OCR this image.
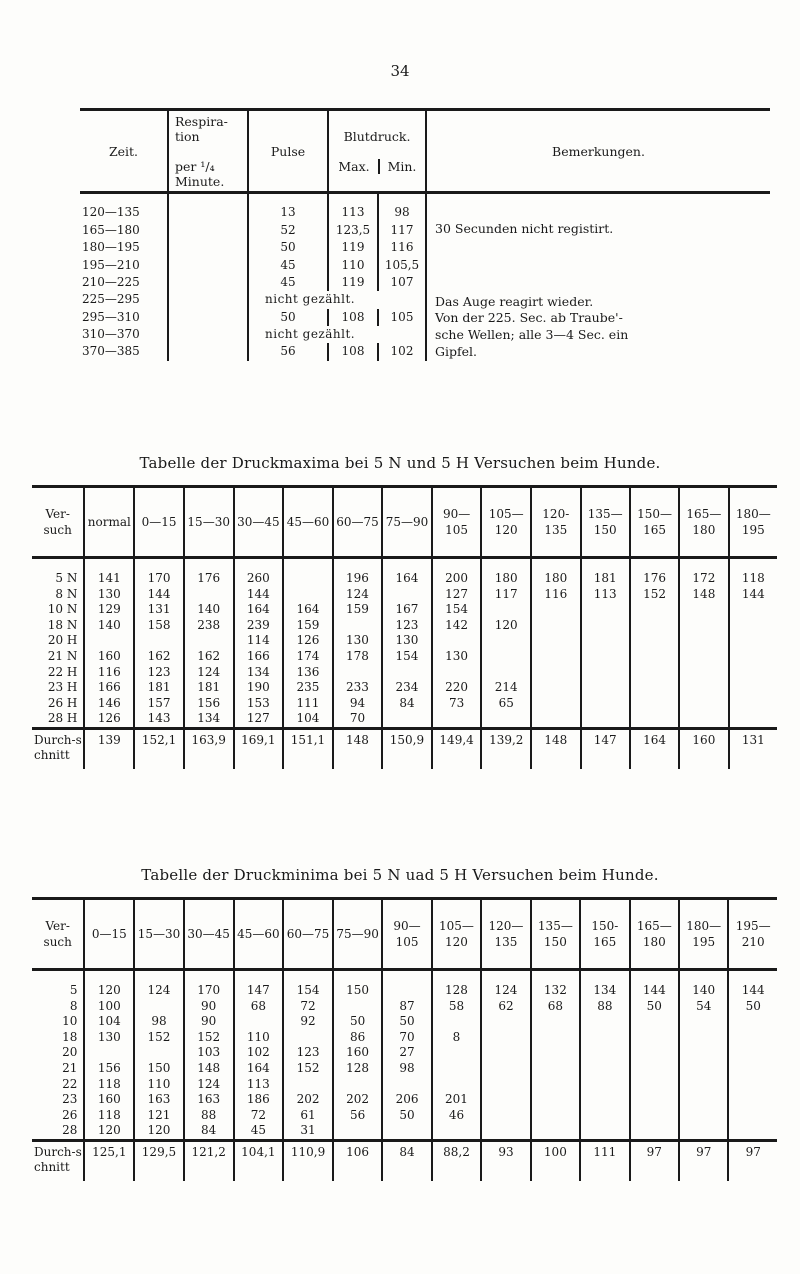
34
Zeit.	Respira-tion

per ¹/₄ Minute.	Pulse	Blutdruck.

Max. Min.		Bemerkungen.
120—135		13	113	98	30 Secunden nicht registirt.
Das Auge reagirt wieder.
Von der 225. Sec. ab Traube'-
sche Wellen; alle 3—4 Sec. ein
Gipfel.

165—180		52	123,5	117	
180—195		50	119	116	
195—210		45	110	105,5	
210—225		45	119	107	
225—295		nicht gezählt.			
295—310		50	108	105	
310—370		nicht gezählt.			
370—385		56	108	102	
Tabelle der Druckmaxima bei 5 N und 5 H Versuchen beim Hunde.
Ver-such	normal	0—15	15—30	30—45	45—60	60—75	75—90	90—105	105—120	120-135	135—150	150—165	165—180	180—195
5 N	141	170	176	260		196	164	200	180	180	181	176	172	118
8 N	130	144		144		124		127	117	116	113	152	148	144
10 N	129	131	140	164	164	159	167	154						
18 N	140	158	238	239	159		123	142	120					
20 H				114	126	130	130							
21 N	160	162	162	166	174	178	154	130						
22 H	116	123	124	134	136									
23 H	166	181	181	190	235	233	234	220	214					
26 H	146	157	156	153	111	94	84	73	65					
28 H	126	143	134	127	104	70								
Durch-schnitt	139	152,1	163,9	169,1	151,1	148	150,9	149,4	139,2	148	147	164	160	131
Tabelle der Druckminima bei 5 N uad 5 H Versuchen beim Hunde.
Ver-such	0—15	15—30	30—45	45—60	60—75	75—90	90—105	105—120	120—135	135—150	150-165	165—180	180—195	195—210
5	120	124	170	147	154	150		128	124	132	134	144	140	144
8	100		90	68	72		87	58	62	68	88	50	54	50
10	104	98	90		92	50	50							
18	130	152	152	110		86	70	8						
20			103	102	123	160	27							
21	156	150	148	164	152	128	98							
22	118	110	124	113										
23	160	163	163	186	202	202	206	201						
26	118	121	88	72	61	56	50	46						
28	120	120	84	45	31									
Durch-schnitt	125,1	129,5	121,2	104,1	110,9	106	84	88,2	93	100	111	97	97	97
